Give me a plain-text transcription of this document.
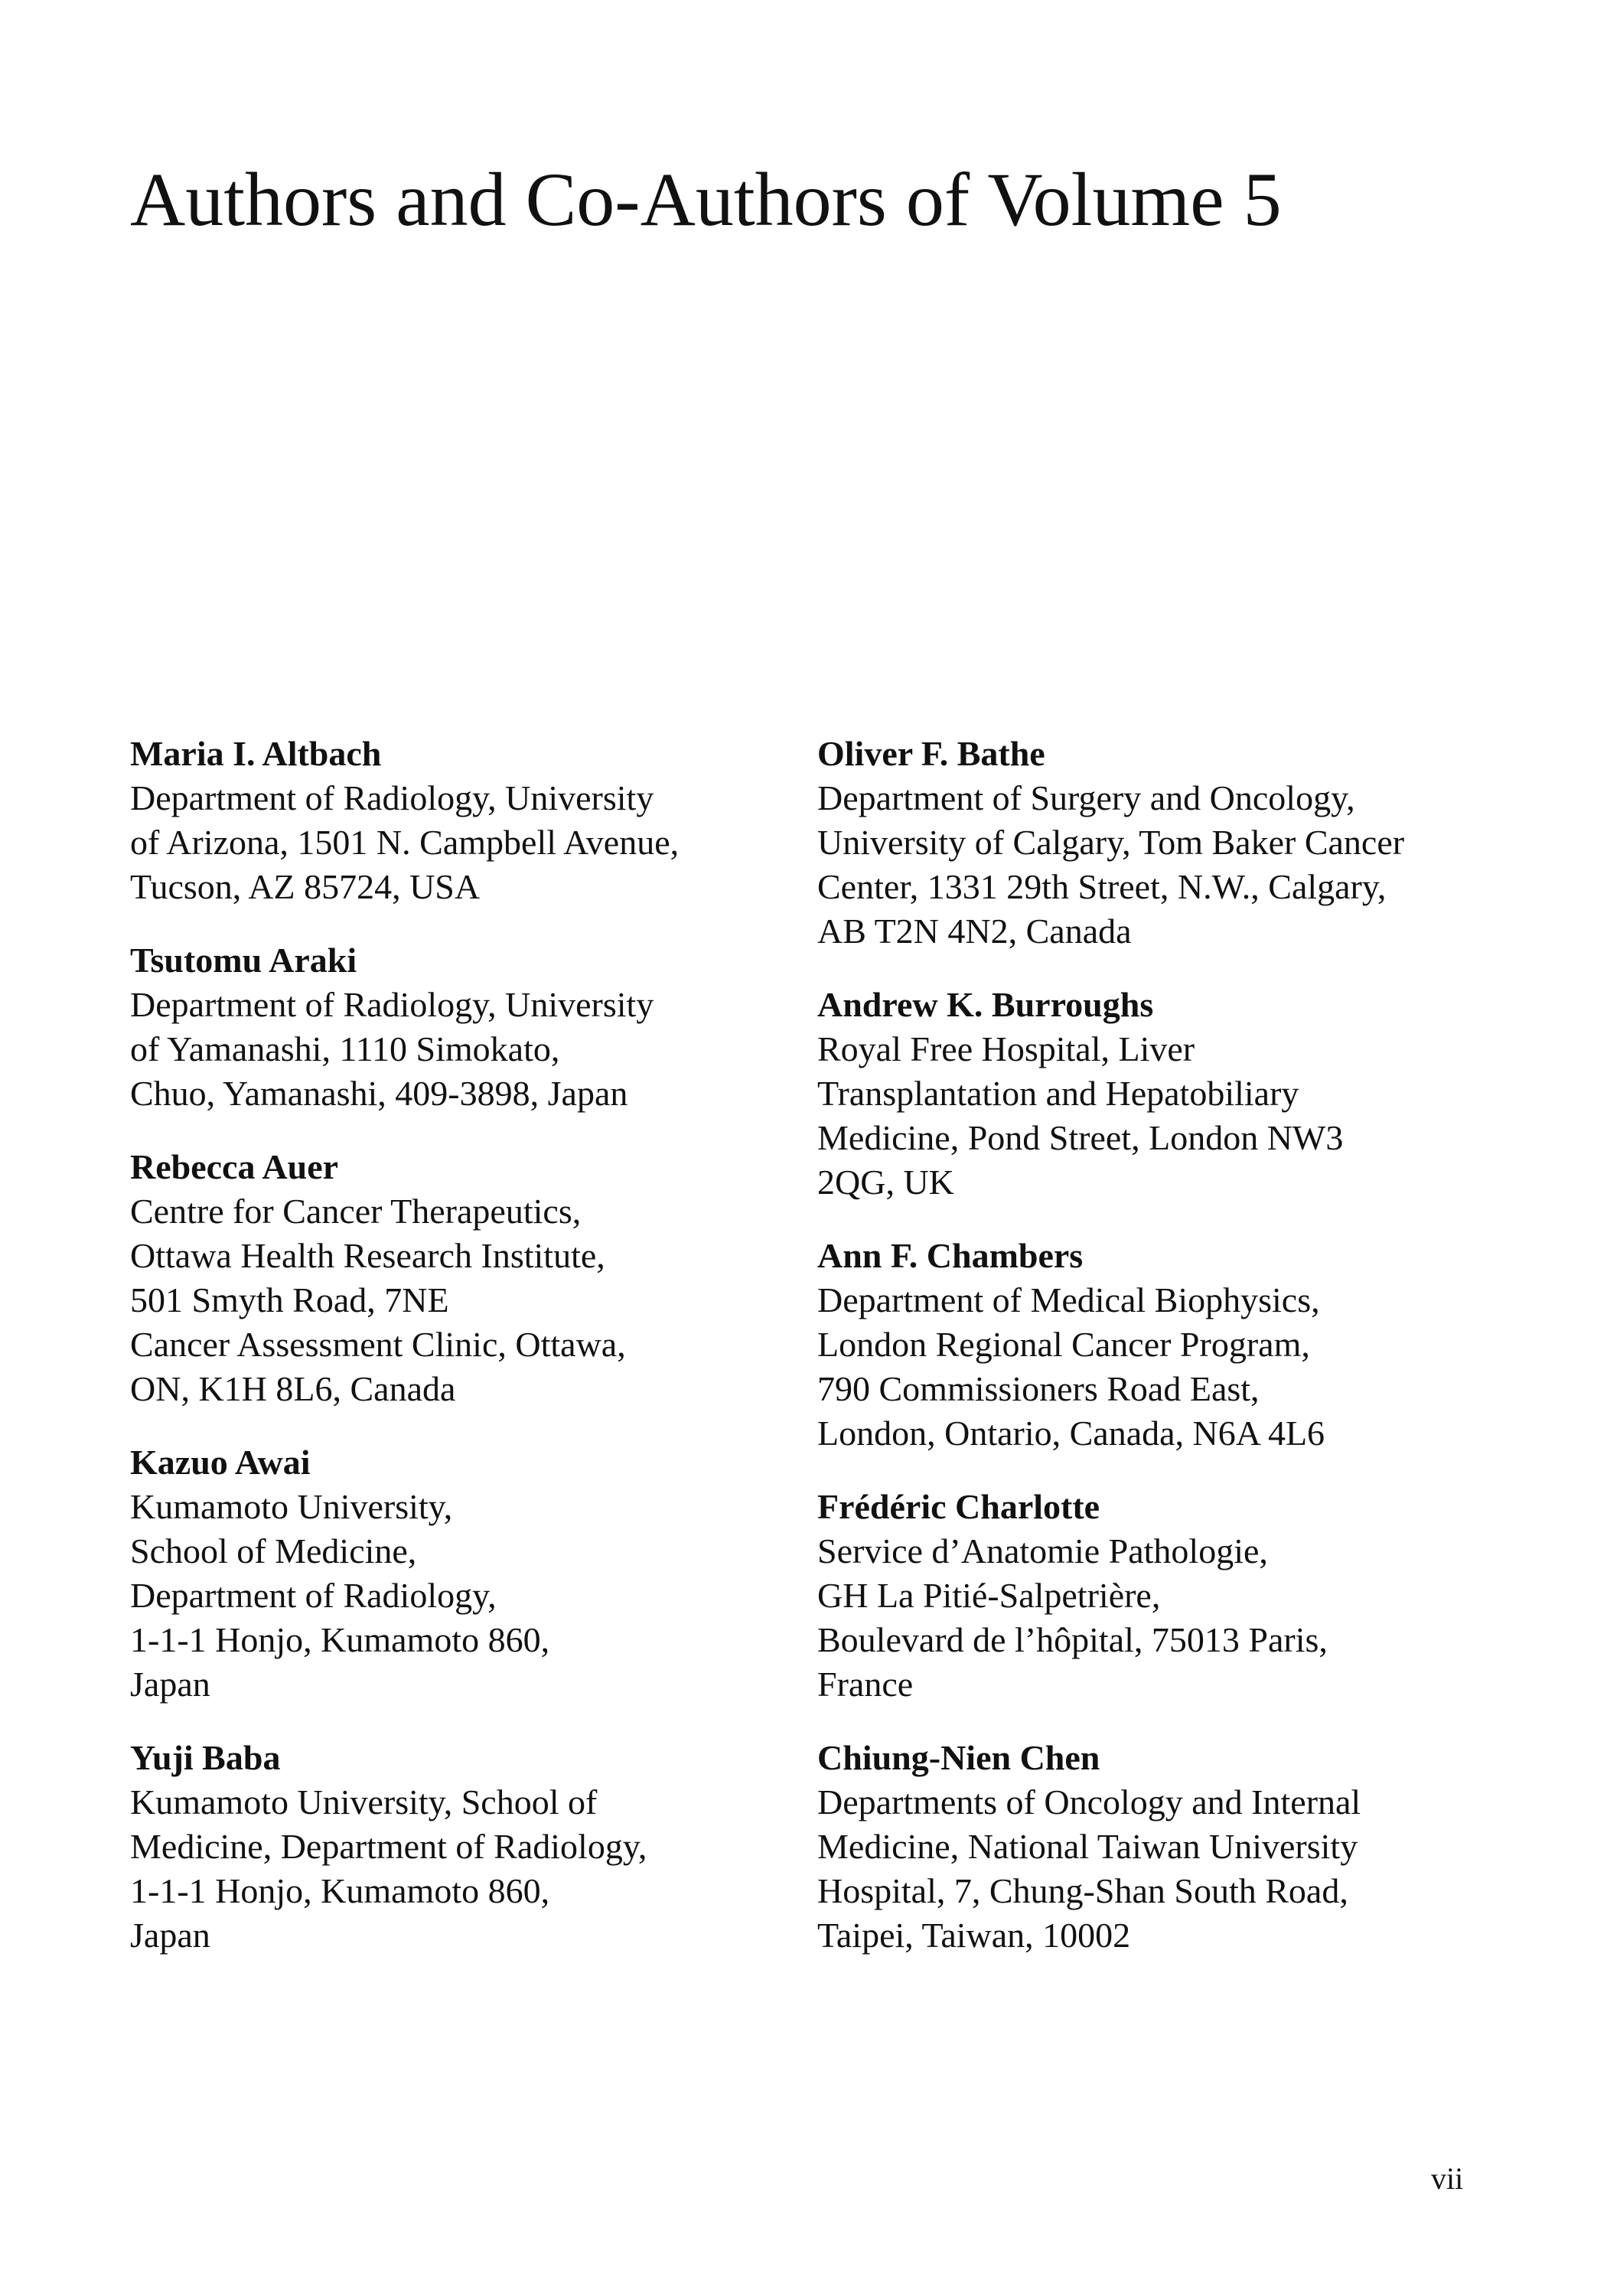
Authors and Co-Authors of Volume 5
Maria I. Altbach
Department of Radiology, University
of Arizona, 1501 N. Campbell Avenue,
Tucson, AZ 85724, USA
Tsutomu Araki
Department of Radiology, University
of Yamanashi, 1110 Simokato,
Chuo, Yamanashi, 409-3898, Japan
Rebecca Auer
Centre for Cancer Therapeutics,
Ottawa Health Research Institute,
501 Smyth Road, 7NE
Cancer Assessment Clinic, Ottawa,
ON, K1H 8L6, Canada
Kazuo Awai
Kumamoto University,
School of Medicine,
Department of Radiology,
1-1-1 Honjo, Kumamoto 860,
Japan
Yuji Baba
Kumamoto University, School of
Medicine, Department of Radiology,
1-1-1 Honjo, Kumamoto 860,
Japan
Oliver F. Bathe
Department of Surgery and Oncology,
University of Calgary, Tom Baker Cancer
Center, 1331 29th Street, N.W., Calgary,
AB T2N 4N2, Canada
Andrew K. Burroughs
Royal Free Hospital, Liver
Transplantation and Hepatobiliary
Medicine, Pond Street, London NW3
2QG, UK
Ann F. Chambers
Department of Medical Biophysics,
London Regional Cancer Program,
790 Commissioners Road East,
London, Ontario, Canada, N6A 4L6
Frédéric Charlotte
Service d’Anatomie Pathologie,
GH La Pitié-Salpetrière,
Boulevard de l’hôpital, 75013 Paris,
France
Chiung-Nien Chen
Departments of Oncology and Internal
Medicine, National Taiwan University
Hospital, 7, Chung-Shan South Road,
Taipei, Taiwan, 10002
vii
